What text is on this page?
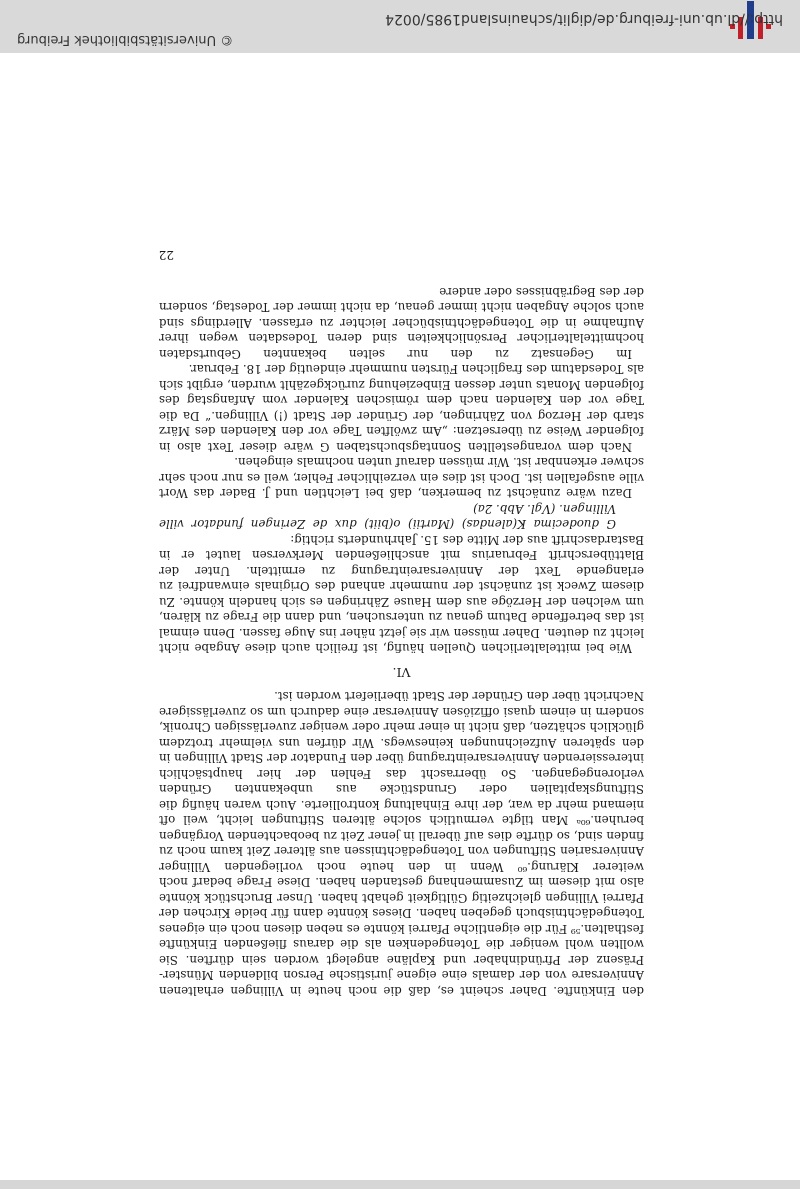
http://dl.ub.uni-freiburg.de/diglit/schauinsland1985/0024
© Universitätsbibliothek Freiburg

den Einkünfte. Daher scheint es, daß die noch heute in Villingen erhaltenen Anniversare von der damals eine eigene juristische Person bildenden Münster-Präsenz der Pfründinhaber und Kapläne angelegt worden sein dürften. Sie wollten wohl weniger die Totengedenken als die daraus fließenden Einkünfte festhalten.⁵⁹ Für die eigentliche Pfarrei könnte es neben diesen noch ein eigenes Totengedächtnisbuch gegeben haben. Dieses könnte dann für beide Kirchen der Pfarrei Villingen gleichzeitig Gültigkeit gehabt haben. Unser Bruchstück könnte also mit diesem im Zusammenhang gestanden haben. Diese Frage bedarf noch weiterer Klärung.⁶⁰ Wenn in den heute noch vorliegenden Villinger Anniversarien Stiftungen von Totengedächtnissen aus älterer Zeit kaum noch zu finden sind, so dürfte dies auf überall in jener Zeit zu beobachtenden Vorgängen beruhen.⁶⁰ᵃ Man tilgte vermutlich solche älteren Stiftungen leicht, weil oft niemand mehr da war, der ihre Einhaltung kontrollierte. Auch waren häufig die Stiftungskapitalien oder Grundstücke aus unbekannten Gründen verlorengegangen. So überrascht das Fehlen der hier hauptsächlich interessierenden Anniversareintragung über den Fundator der Stadt Villingen in den späteren Aufzeichnungen keineswegs. Wir dürfen uns vielmehr trotzdem glücklich schätzen, daß nicht in einer mehr oder weniger zuverlässigen Chronik, sondern in einem quasi offiziösen Anniversar eine dadurch um so zuverlässigere Nachricht über den Gründer der Stadt überliefert worden ist.

VI.

Wie bei mittelalterlichen Quellen häufig, ist freilich auch diese Angabe nicht leicht zu deuten. Daher müssen wir sie jetzt näher ins Auge fassen. Denn einmal ist das betreffende Datum genau zu untersuchen, und dann die Frage zu klären, um welchen der Herzöge aus dem Hause Zähringen es sich handeln könnte. Zu diesem Zweck ist zunächst der nummehr anhand des Originals einwandfrei zu erlangende Text der Anniversareintragung zu ermitteln. Unter der Blattüberschrift Februarius mit anschließenden Merkversen lautet er in Bastardaschrift aus der Mitte des 15. Jahrhunderts richtig:

G duodecima K(alendas) (Martii) o(biit) dux de Zeringen fundator ville Villingen. (Vgl. Abb. 2a)

Dazu wäre zunächst zu bemerken, daß bei Leichtlen und J. Bader das Wort ville ausgefallen ist. Doch ist dies ein verzeihlicher Fehler, weil es nur noch sehr schwer erkennbar ist. Wir müssen darauf unten nochmals eingehen.

Nach dem vorangestellten Sonntagsbuchstaben G wäre dieser Text also in folgender Weise zu übersetzen: „Am zwölften Tage vor den Kalenden des März starb der Herzog von Zähringen, der Gründer der Stadt (!) Villingen.“ Da die Tage vor den Kalenden nach dem römischen Kalender vom Anfangstag des folgenden Monats unter dessen Einbeziehung zurückgezählt wurden, ergibt sich als Todesdatum des fraglichen Fürsten nummehr eindeutig der 18. Februar.

Im Gegensatz zu den nur selten bekannten Geburtsdaten hochmittelalterlicher Persönlichkeiten sind deren Todesdaten wegen ihrer Aufnahme in die Totengedächtnisbücher leichter zu erfassen. Allerdings sind auch solche Angaben nicht immer genau, da nicht immer der Todestag, sondern der des Begräbnisses oder andere

22
